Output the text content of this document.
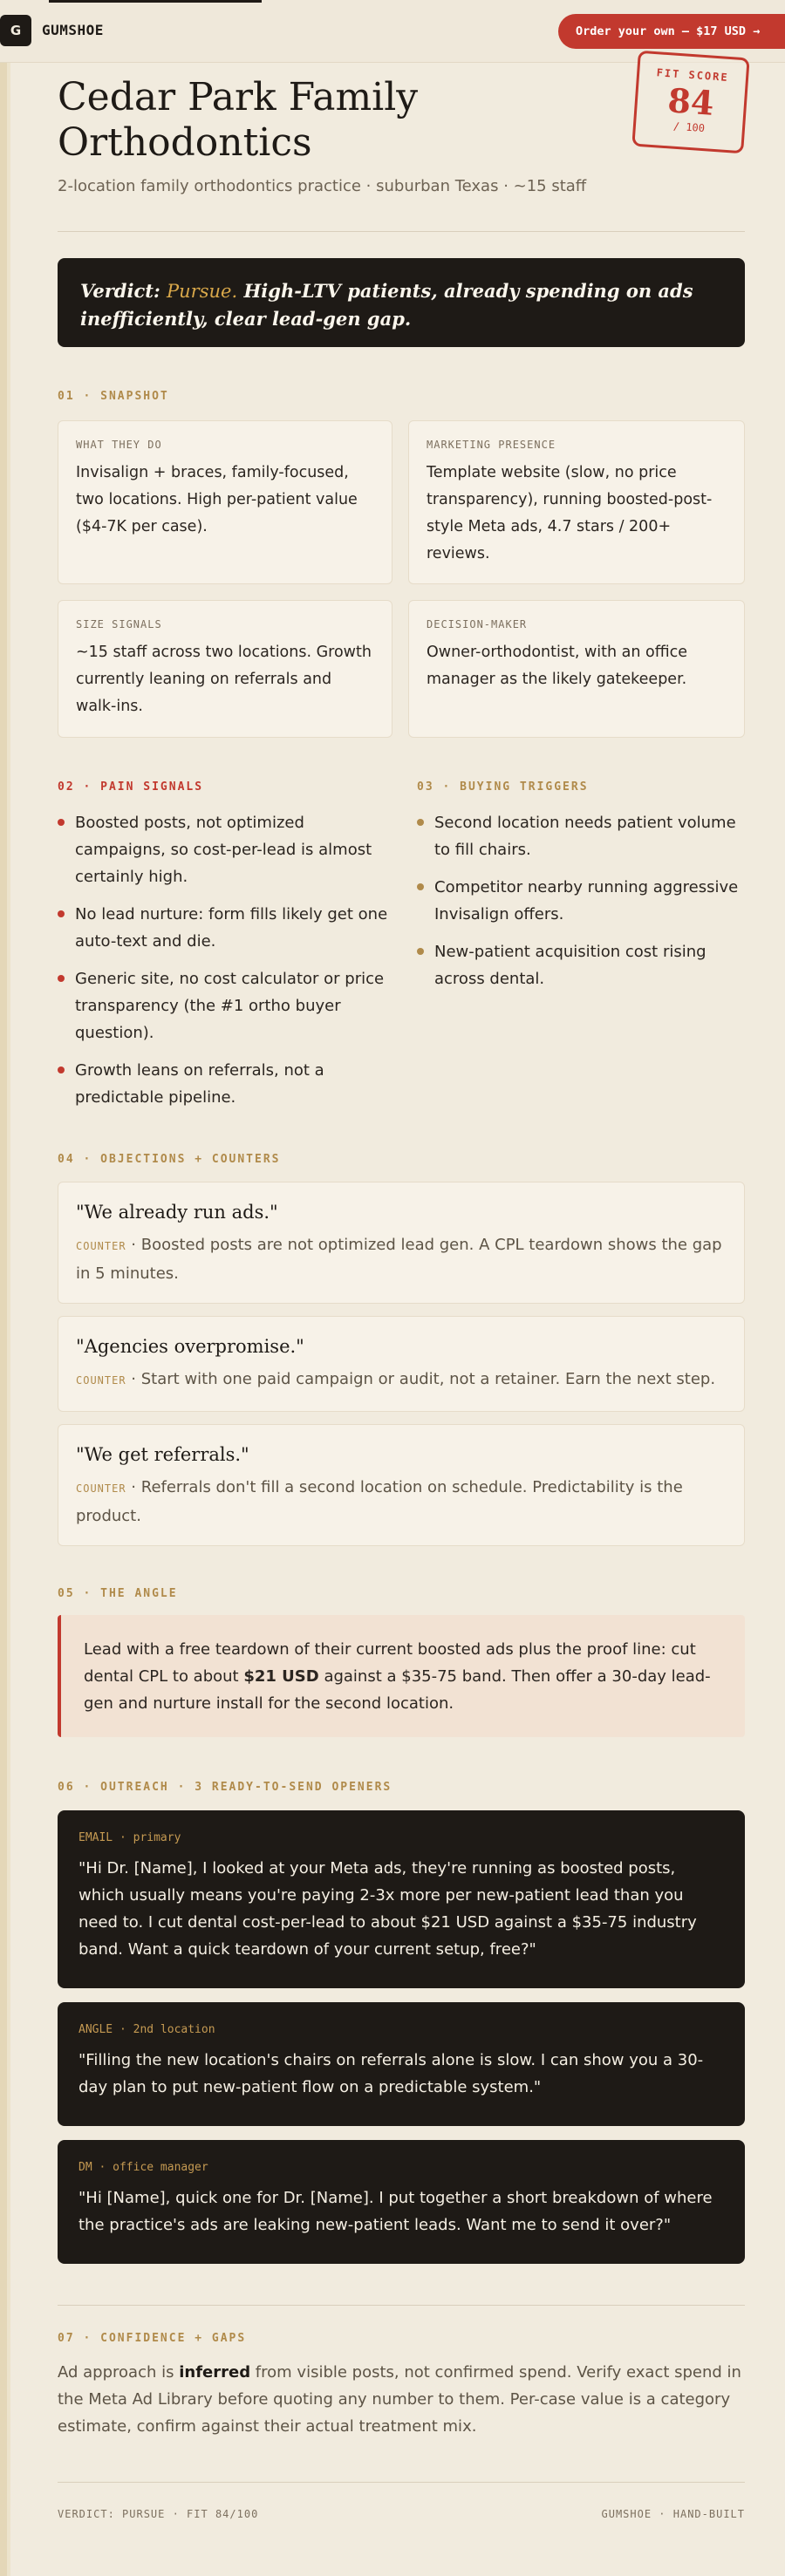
G	GUMSHOE	Order your own — $17 USD →
Cedar Park Family Orthodontics
2-location family orthodontics practice · suburban Texas · ~15 staff
FIT SCORE
84
/ 100
Verdict: Pursue. High-LTV patients, already spending on ads inefficiently, clear lead-gen gap.
01 · SNAPSHOT
WHAT THEY DO
Invisalign + braces, family-focused, two locations. High per-patient value ($4-7K per case).
MARKETING PRESENCE
Template website (slow, no price transparency), running boosted-post-style Meta ads, 4.7 stars / 200+ reviews.
SIZE SIGNALS
~15 staff across two locations. Growth currently leaning on referrals and walk-ins.
DECISION-MAKER
Owner-orthodontist, with an office manager as the likely gatekeeper.
02 · PAIN SIGNALS
Boosted posts, not optimized campaigns, so cost-per-lead is almost certainly high.
No lead nurture: form fills likely get one auto-text and die.
Generic site, no cost calculator or price transparency (the #1 ortho buyer question).
Growth leans on referrals, not a predictable pipeline.
03 · BUYING TRIGGERS
Second location needs patient volume to fill chairs.
Competitor nearby running aggressive Invisalign offers.
New-patient acquisition cost rising across dental.
04 · OBJECTIONS + COUNTERS
"We already run ads."
COUNTER · Boosted posts are not optimized lead gen. A CPL teardown shows the gap in 5 minutes.
"Agencies overpromise."
COUNTER · Start with one paid campaign or audit, not a retainer. Earn the next step.
"We get referrals."
COUNTER · Referrals don't fill a second location on schedule. Predictability is the product.
05 · THE ANGLE
Lead with a free teardown of their current boosted ads plus the proof line: cut dental CPL to about $21 USD against a $35-75 band. Then offer a 30-day lead-gen and nurture install for the second location.
06 · OUTREACH · 3 READY-TO-SEND OPENERS
EMAIL · primary
"Hi Dr. [Name], I looked at your Meta ads, they're running as boosted posts, which usually means you're paying 2-3x more per new-patient lead than you need to. I cut dental cost-per-lead to about $21 USD against a $35-75 industry band. Want a quick teardown of your current setup, free?"
ANGLE · 2nd location
"Filling the new location's chairs on referrals alone is slow. I can show you a 30-day plan to put new-patient flow on a predictable system."
DM · office manager
"Hi [Name], quick one for Dr. [Name]. I put together a short breakdown of where the practice's ads are leaking new-patient leads. Want me to send it over?"
07 · CONFIDENCE + GAPS
Ad approach is inferred from visible posts, not confirmed spend. Verify exact spend in the Meta Ad Library before quoting any number to them. Per-case value is a category estimate, confirm against their actual treatment mix.
VERDICT: PURSUE · FIT 84/100	GUMSHOE · HAND-BUILT
